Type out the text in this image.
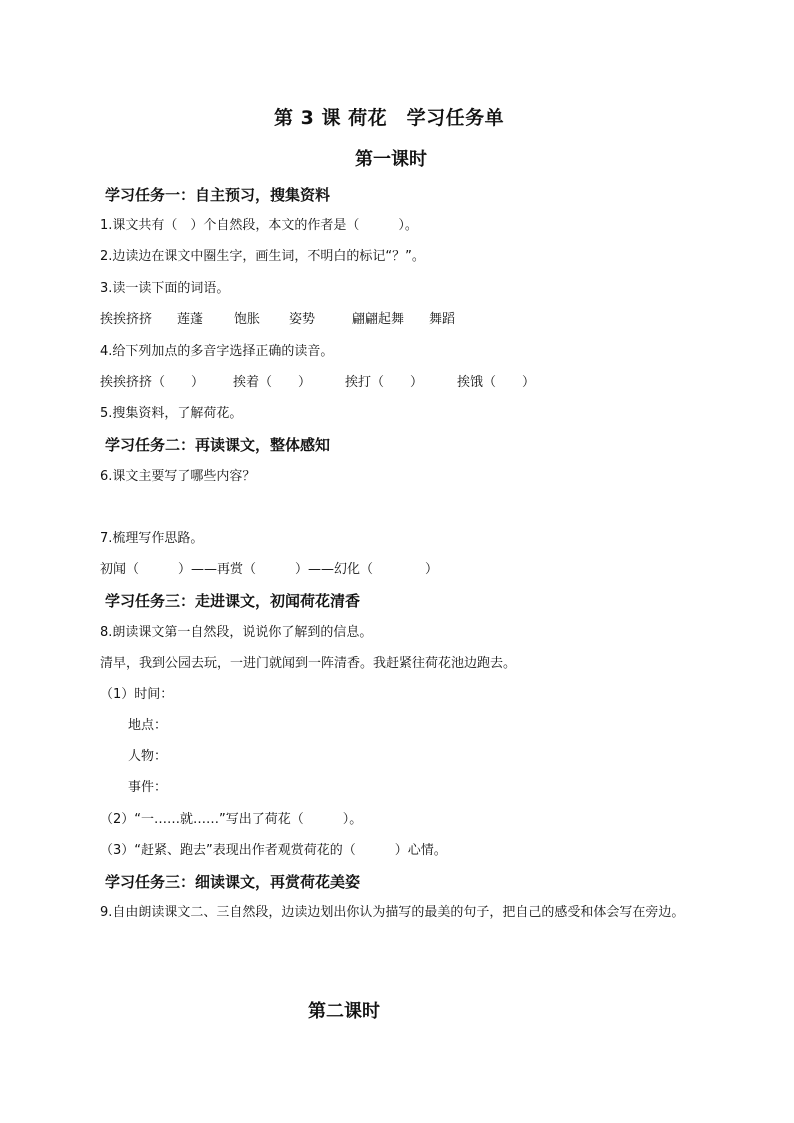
第 3 课 荷花　学习任务单
第一课时
学习任务一：自主预习，搜集资料
1.课文共有（　）个自然段，本文的作者是（　　　）。
2.边读边在课文中圈生字，画生词，不明白的标记“？”。
3.读一读下面的词语。

挨挨挤挤

莲蓬

饱胀

姿势

	翩翩起舞

舞蹈

4.给下列加点的多音字选择正确的读音。

挨挨挤挤（　　）

挨着（　　）

	挨打（　　）

	挨饿（　　）

5.搜集资料，了解荷花。
学习任务二：再读课文，整体感知
6.课文主要写了哪些内容？
7.梳理写作思路。
初闻（　　　）——再赏（　　　）——幻化（　　　　）
学习任务三：走进课文，初闻荷花清香
8.朗读课文第一自然段，说说你了解到的信息。
清早，我到公园去玩，一进门就闻到一阵清香。我赶紧往荷花池边跑去。
（1）时间：
地点：
人物：
事件：
（2）“一……就……”写出了荷花（　　　）。
（3）“赶紧、跑去”表现出作者观赏荷花的（　　　）心情。
学习任务三：细读课文，再赏荷花美姿
9.自由朗读课文二、三自然段，边读边划出你认为描写的最美的句子，把自己的感受和体会写在旁边。
第二课时
